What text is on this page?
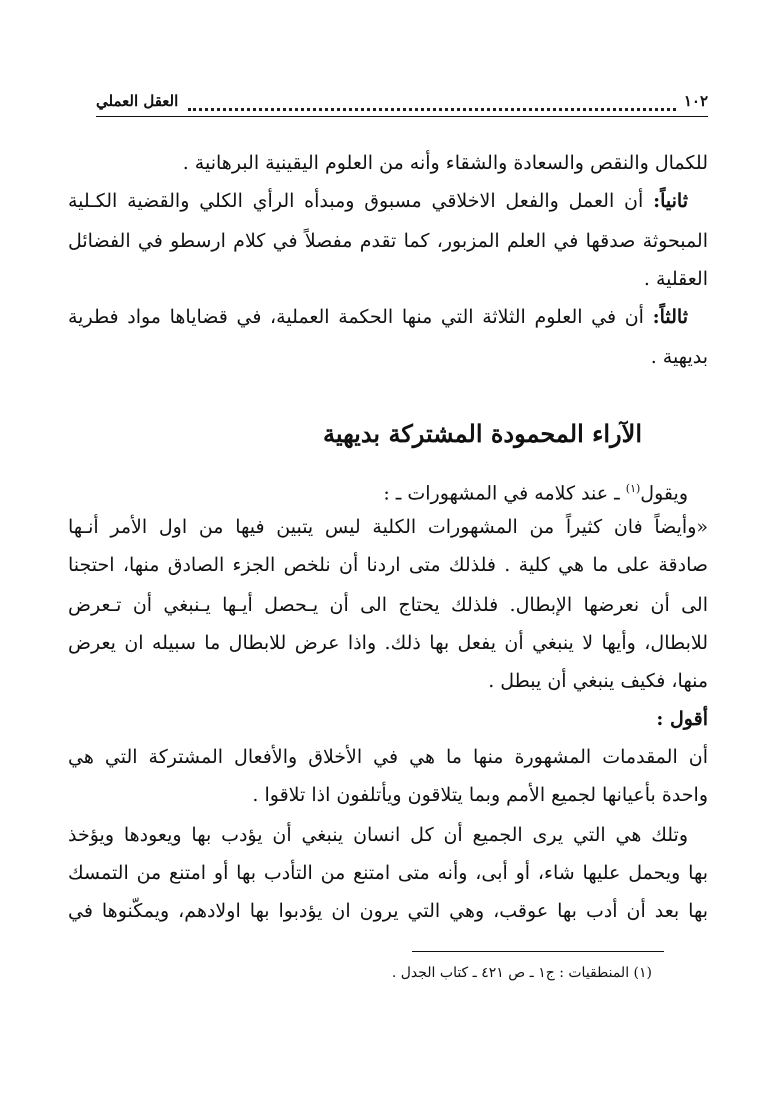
١٠٢
العقل العملي
للكمال والنقص والسعادة والشقاء وأنه من العلوم اليقينية البرهانية .
ثانياً: أن العمل والفعل الاخلاقي مسبوق ومبدأه الرأي الكلي والقضية الكـلية
المبحوثة صدقها في العلم المزبور، كما تقدم مفصلاً في كلام ارسطو في الفضائل
العقلية .
ثالثاً: أن في العلوم الثلاثة التي منها الحكمة العملية، في قضاياها مواد فطرية
بديهية .
الآراء المحمودة المشتركة بديهية
ويقول$^{(١)}$ ـ عند كلامه في المشهورات ـ :
«وأيضاً فان كثيراً من المشهورات الكلية ليس يتبين فيها من اول الأمر أنـها
صادقة على ما هي كلية . فلذلك متى اردنا أن نلخص الجزء الصادق منها، احتجنا
الى أن نعرضها الإبطال. فلذلك يحتاج الى أن يـحصل أيـها يـنبغي أن تـعرض
للابطال، وأيها لا ينبغي أن يفعل بها ذلك. واذا عرض للابطال ما سبيله ان يعرض
منها، فكيف ينبغي أن يبطل .
أقول :
أن المقدمات المشهورة منها ما هي في الأخلاق والأفعال المشتركة التي هي
واحدة بأعيانها لجميع الأمم وبما يتلاقون ويأتلفون اذا تلاقوا .
وتلك هي التي يرى الجميع أن كل انسان ينبغي أن يؤدب بها ويعودها ويؤخذ
بها ويحمل عليها شاء، أو أبى، وأنه متى امتنع من التأدب بها أو امتنع من التمسك
بها بعد أن أدب بها عوقب، وهي التي يرون ان يؤدبوا بها اولادهم، ويمكّنوها في
(١) المنطقيات : ج١ ـ ص ٤٢١ ـ كتاب الجدل .
